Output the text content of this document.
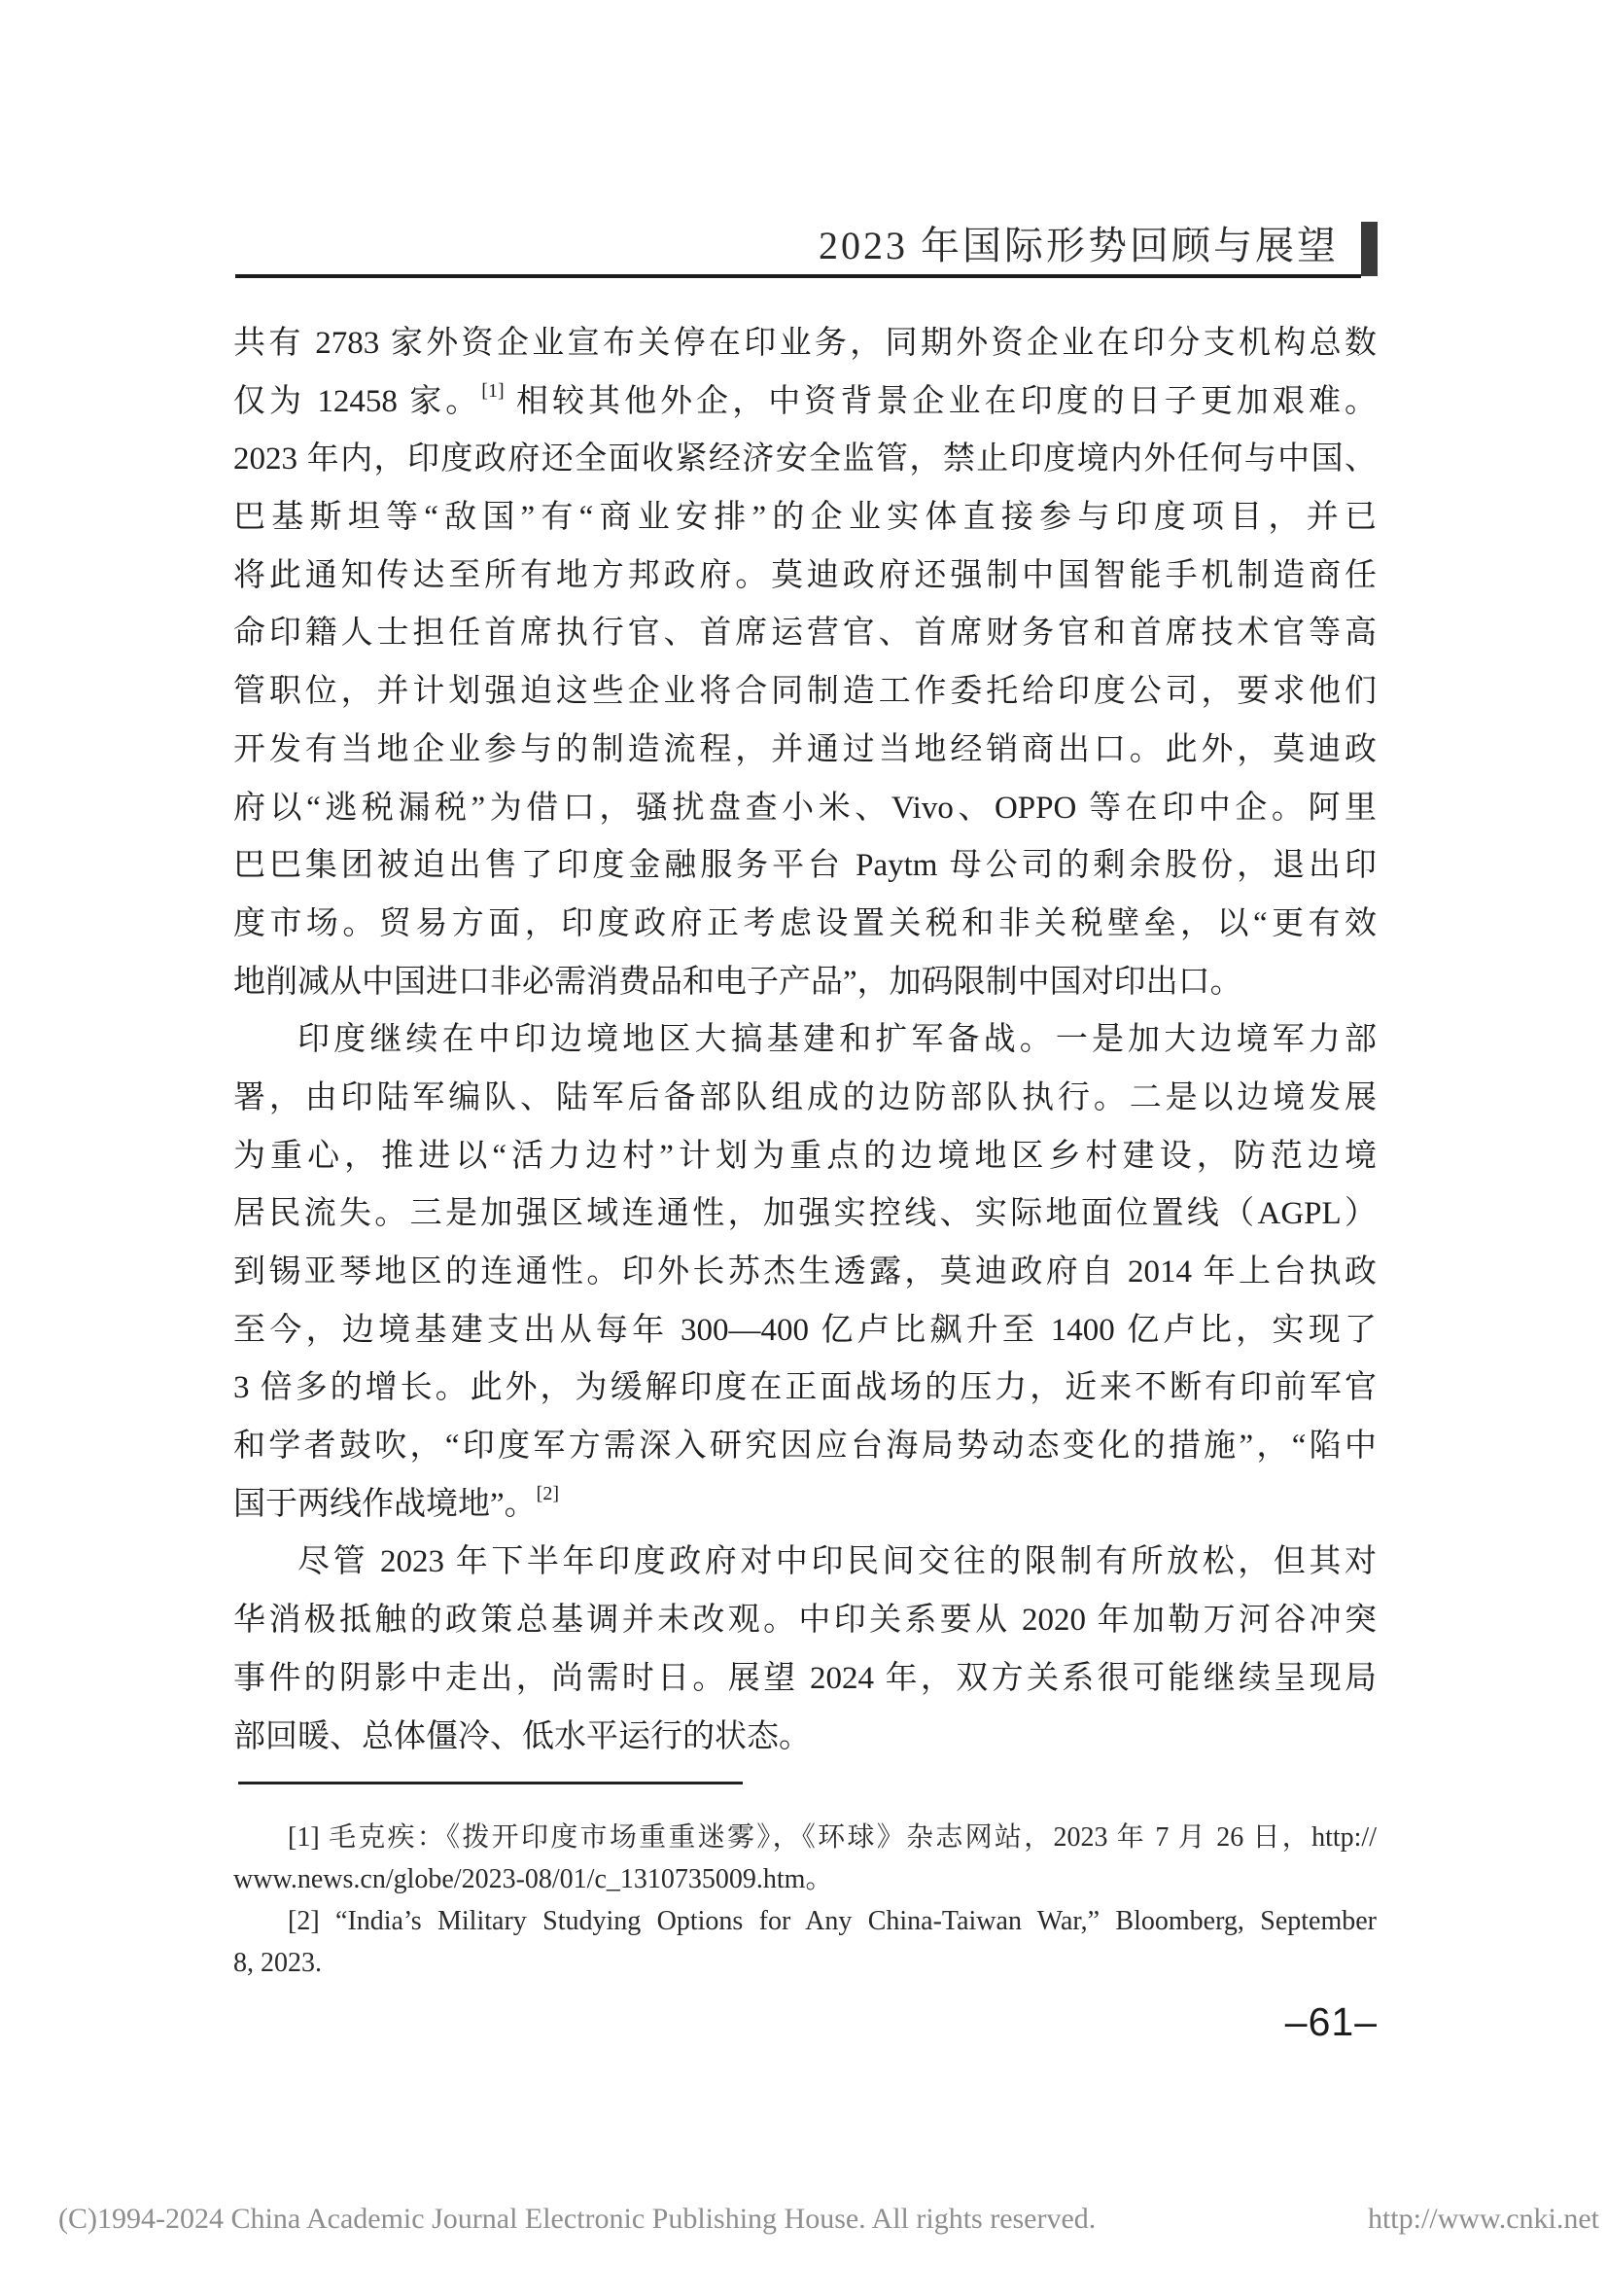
2023 年国际形势回顾与展望
共有 2783 家外资企业宣布关停在印业务，同期外资企业在印分支机构总数
仅为 12458 家。[1] 相较其他外企，中资背景企业在印度的日子更加艰难。
2023 年内，印度政府还全面收紧经济安全监管，禁止印度境内外任何与中国、
巴基斯坦等“敌国”有“商业安排”的企业实体直接参与印度项目，并已
将此通知传达至所有地方邦政府。莫迪政府还强制中国智能手机制造商任
命印籍人士担任首席执行官、首席运营官、首席财务官和首席技术官等高
管职位，并计划强迫这些企业将合同制造工作委托给印度公司，要求他们
开发有当地企业参与的制造流程，并通过当地经销商出口。此外，莫迪政
府以“逃税漏税”为借口，骚扰盘查小米、Vivo、OPPO 等在印中企。阿里
巴巴集团被迫出售了印度金融服务平台 Paytm 母公司的剩余股份，退出印
度市场。贸易方面，印度政府正考虑设置关税和非关税壁垒，以“更有效
地削减从中国进口非必需消费品和电子产品”，加码限制中国对印出口。
印度继续在中印边境地区大搞基建和扩军备战。一是加大边境军力部
署，由印陆军编队、陆军后备部队组成的边防部队执行。二是以边境发展
为重心，推进以“活力边村”计划为重点的边境地区乡村建设，防范边境
居民流失。三是加强区域连通性，加强实控线、实际地面位置线（AGPL）
到锡亚琴地区的连通性。印外长苏杰生透露，莫迪政府自 2014 年上台执政
至今，边境基建支出从每年 300—400 亿卢比飙升至 1400 亿卢比，实现了
3 倍多的增长。此外，为缓解印度在正面战场的压力，近来不断有印前军官
和学者鼓吹，“印度军方需深入研究因应台海局势动态变化的措施”，“陷中
国于两线作战境地”。[2]
尽管 2023 年下半年印度政府对中印民间交往的限制有所放松，但其对
华消极抵触的政策总基调并未改观。中印关系要从 2020 年加勒万河谷冲突
事件的阴影中走出，尚需时日。展望 2024 年，双方关系很可能继续呈现局
部回暖、总体僵冷、低水平运行的状态。
[1] 毛克疾：《拨开印度市场重重迷雾》，《环球》杂志网站，2023 年 7 月 26 日，http://
www.news.cn/globe/2023-08/01/c_1310735009.htm。
[2] “India’s Military Studying Options for Any China-Taiwan War,” Bloomberg, September
8, 2023.
–61–
(C)1994-2024 China Academic Journal Electronic Publishing House. All rights reserved.	http://www.cnki.net
